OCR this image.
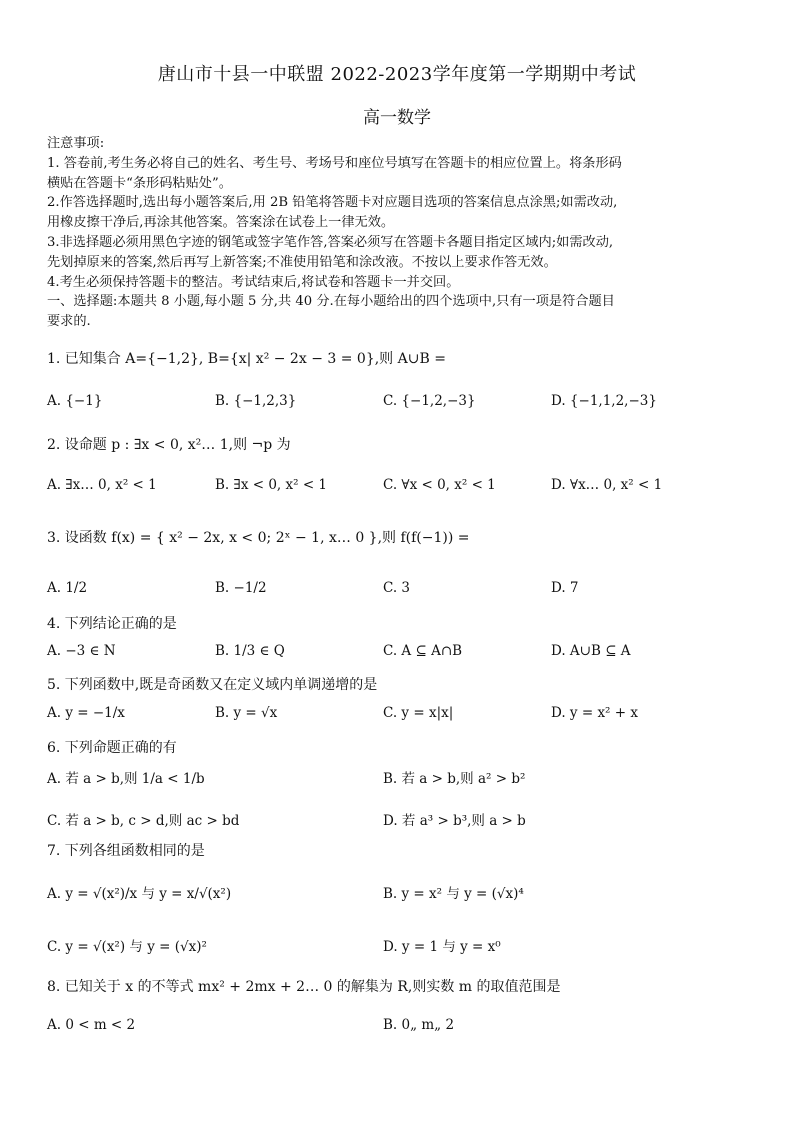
唐山市十县一中联盟 2022-2023学年度第一学期期中考试
高一数学
注意事项:
1. 答卷前,考生务必将自己的姓名、考生号、考场号和座位号填写在答题卡的相应位置上。将条形码
横贴在答题卡“条形码粘贴处”。
2.作答选择题时,选出每小题答案后,用 2B 铅笔将答题卡对应题目选项的答案信息点涂黑;如需改动,
用橡皮擦干净后,再涂其他答案。答案涂在试卷上一律无效。
3.非选择题必须用黑色字迹的钢笔或签字笔作答,答案必须写在答题卡各题目指定区域内;如需改动,
先划掉原来的答案,然后再写上新答案;不准使用铅笔和涂改液。不按以上要求作答无效。
4.考生必须保持答题卡的整洁。考试结束后,将试卷和答题卡一并交回。
一、选择题:本题共 8 小题,每小题 5 分,共 40 分.在每小题给出的四个选项中,只有一项是符合题目
要求的.
1. 已知集合 A={−1,2}, B={x| x² − 2x − 3 = 0},则 A∪B =
A. {−1}	B. {−1,2,3}	C. {−1,2,−3}	D. {−1,1,2,−3}
2. 设命题 p : ∃x < 0, x²… 1,则 ¬p 为
A. ∃x… 0, x² < 1	B. ∃x < 0, x² < 1	C. ∀x < 0, x² < 1	D. ∀x… 0, x² < 1
3. 设函数 f(x) = { x² − 2x, x < 0; 2ˣ − 1, x… 0 },则 f(f(−1)) =
A. 1/2	B. −1/2	C. 3	D. 7
4. 下列结论正确的是
A. −3 ∈ N	B. 1/3 ∈ Q	C. A ⊆ A∩B	D. A∪B ⊆ A
5. 下列函数中,既是奇函数又在定义域内单调递增的是
A. y = −1/x	B. y = √x	C. y = x|x|	D. y = x² + x
6. 下列命题正确的有
A. 若 a > b,则 1/a < 1/b	B. 若 a > b,则 a² > b²
C. 若 a > b, c > d,则 ac > bd	D. 若 a³ > b³,则 a > b
7. 下列各组函数相同的是
A. y = √(x²)/x 与 y = x/√(x²)	B. y = x² 与 y = (√x)⁴
C. y = √(x²) 与 y = (√x)²	D. y = 1 与 y = x⁰
8. 已知关于 x 的不等式 mx² + 2mx + 2… 0 的解集为 R,则实数 m 的取值范围是
A. 0 < m < 2	B. 0„ m„ 2
